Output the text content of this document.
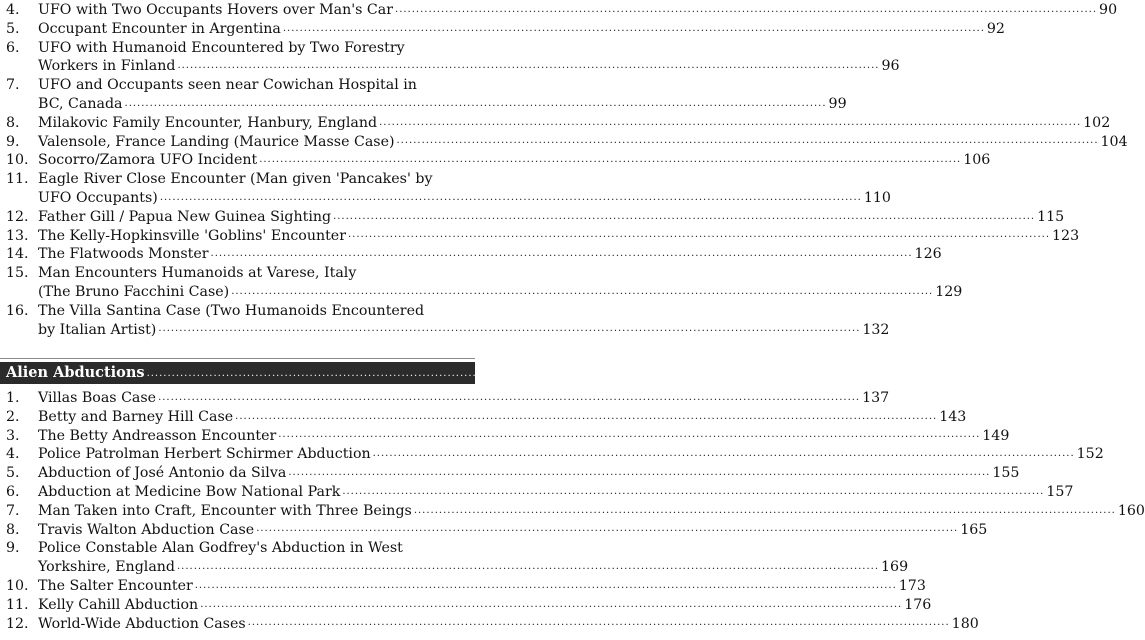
4. UFO with Two Occupants Hovers over Man's Car ........................................................................................................................................................................ 90
5. Occupant Encounter in Argentina ........................................................................................................................................................................ 92
6. UFO with Humanoid Encountered by Two Forestry
Workers in Finland ........................................................................................................................................................................ 96
7. UFO and Occupants seen near Cowichan Hospital in
BC, Canada ........................................................................................................................................................................ 99
8. Milakovic Family Encounter, Hanbury, England ........................................................................................................................................................................ 102
9. Valensole, France Landing (Maurice Masse Case) ........................................................................................................................................................................ 104
10. Socorro/Zamora UFO Incident ........................................................................................................................................................................ 106
11. Eagle River Close Encounter (Man given 'Pancakes' by
UFO Occupants) ........................................................................................................................................................................ 110
12. Father Gill / Papua New Guinea Sighting ........................................................................................................................................................................ 115
13. The Kelly-Hopkinsville 'Goblins' Encounter ........................................................................................................................................................................ 123
14. The Flatwoods Monster ........................................................................................................................................................................ 126
15. Man Encounters Humanoids at Varese, Italy
(The Bruno Facchini Case) ........................................................................................................................................................................ 129
16. The Villa Santina Case (Two Humanoids Encountered
by Italian Artist) ........................................................................................................................................................................ 132
Alien Abductions ........................................................................................................................................................ 134
1. Villas Boas Case ........................................................................................................................................................................ 137
2. Betty and Barney Hill Case ........................................................................................................................................................................ 143
3. The Betty Andreasson Encounter ........................................................................................................................................................................ 149
4. Police Patrolman Herbert Schirmer Abduction ........................................................................................................................................................................ 152
5. Abduction of José Antonio da Silva ........................................................................................................................................................................ 155
6. Abduction at Medicine Bow National Park ........................................................................................................................................................................ 157
7. Man Taken into Craft, Encounter with Three Beings ........................................................................................................................................................................ 160
8. Travis Walton Abduction Case ........................................................................................................................................................................ 165
9. Police Constable Alan Godfrey's Abduction in West
Yorkshire, England ........................................................................................................................................................................ 169
10. The Salter Encounter ........................................................................................................................................................................ 173
11. Kelly Cahill Abduction ........................................................................................................................................................................ 176
12. World-Wide Abduction Cases ........................................................................................................................................................................ 180
